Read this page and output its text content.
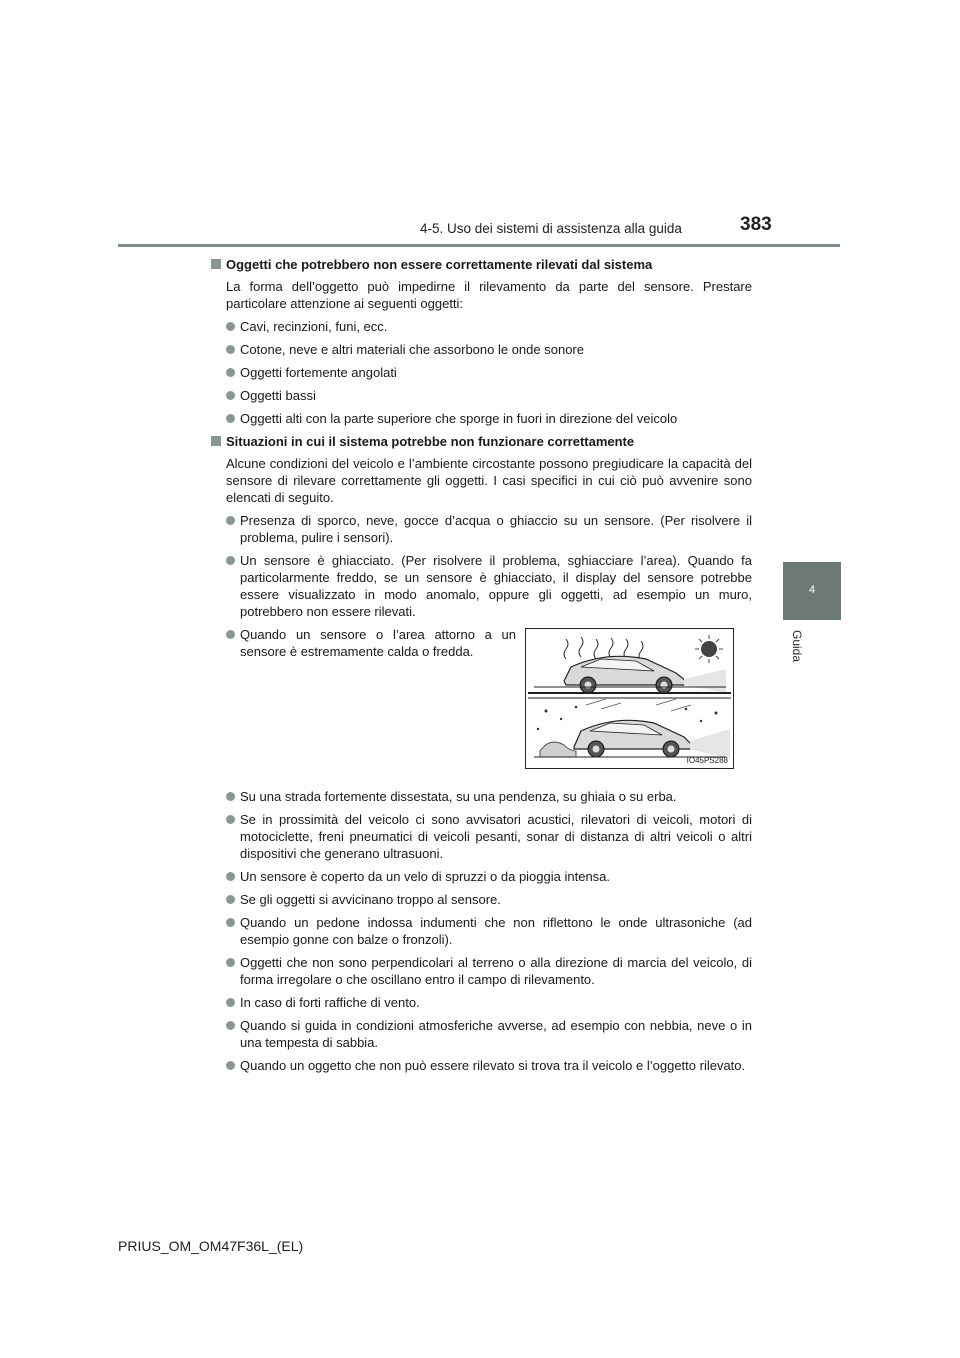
4-5. Uso dei sistemi di assistenza alla guida	383
4
Guida
Oggetti che potrebbero non essere correttamente rilevati dal sistema
La forma dell’oggetto può impedirne il rilevamento da parte del sensore. Prestare particolare attenzione ai seguenti oggetti:
Cavi, recinzioni, funi, ecc.
Cotone, neve e altri materiali che assorbono le onde sonore
Oggetti fortemente angolati
Oggetti bassi
Oggetti alti con la parte superiore che sporge in fuori in direzione del veicolo
Situazioni in cui il sistema potrebbe non funzionare correttamente
Alcune condizioni del veicolo e l’ambiente circostante possono pregiudicare la capacità del sensore di rilevare correttamente gli oggetti. I casi specifici in cui ciò può avvenire sono elencati di seguito.
Presenza di sporco, neve, gocce d’acqua o ghiaccio su un sensore. (Per risolvere il problema, pulire i sensori).
Un sensore è ghiacciato. (Per risolvere il problema, sghiacciare l’area). Quando fa particolarmente freddo, se un sensore è ghiacciato, il display del sensore potrebbe essere visualizzato in modo anomalo, oppure gli oggetti, ad esempio un muro, potrebbero non essere rilevati.
Quando un sensore o l’area attorno a un sensore è estremamente calda o fredda.
Su una strada fortemente dissestata, su una pendenza, su ghiaia o su erba.
Se in prossimità del veicolo ci sono avvisatori acustici, rilevatori di veicoli, motori di motociclette, freni pneumatici di veicoli pesanti, sonar di distanza di altri veicoli o altri dispositivi che generano ultrasuoni.
Un sensore è coperto da un velo di spruzzi o da pioggia intensa.
Se gli oggetti si avvicinano troppo al sensore.
Quando un pedone indossa indumenti che non riflettono le onde ultrasoniche (ad esempio gonne con balze o fronzoli).
Oggetti che non sono perpendicolari al terreno o alla direzione di marcia del veicolo, di forma irregolare o che oscillano entro il campo di rilevamento.
In caso di forti raffiche di vento.
Quando si guida in condizioni atmosferiche avverse, ad esempio con nebbia, neve o in una tempesta di sabbia.
Quando un oggetto che non può essere rilevato si trova tra il veicolo e l’oggetto rilevato.
IO45PS288
PRIUS_OM_OM47F36L_(EL)
